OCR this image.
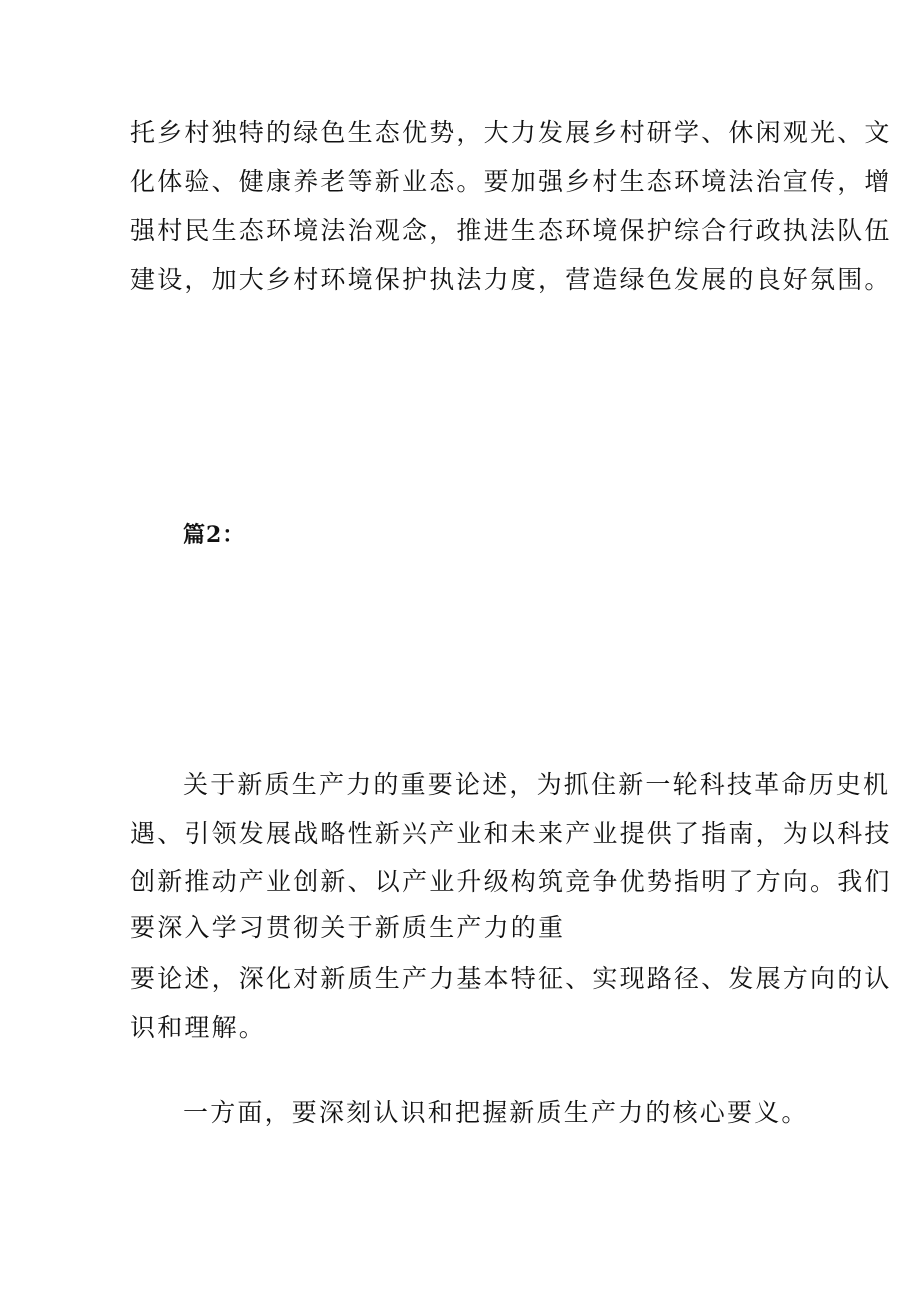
托乡村独特的绿色生态优势，大力发展乡村研学、休闲观光、文
化体验、健康养老等新业态。要加强乡村生态环境法治宣传，增
强村民生态环境法治观念，推进生态环境保护综合行政执法队伍
建设，加大乡村环境保护执法力度，营造绿色发展的良好氛围。
篇2：
关于新质生产力的重要论述，为抓住新一轮科技革命历史机
遇、引领发展战略性新兴产业和未来产业提供了指南，为以科技
创新推动产业创新、以产业升级构筑竞争优势指明了方向。我们
要深入学习贯彻关于新质生产力的重
要论述，深化对新质生产力基本特征、实现路径、发展方向的认
识和理解。
一方面，要深刻认识和把握新质生产力的核心要义。
